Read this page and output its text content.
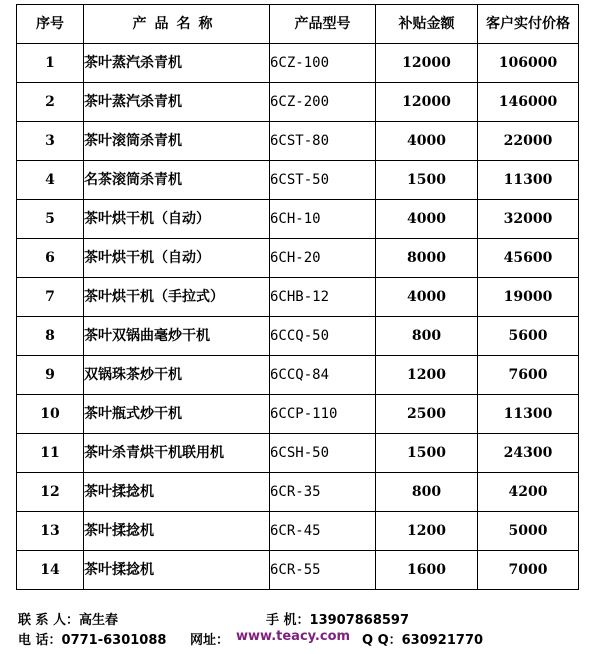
序号	产品名称	产品型号	补贴金额	客户实付价格
1	茶叶蒸汽杀青机	6CZ-100	12000	106000
2	茶叶蒸汽杀青机	6CZ-200	12000	146000
3	茶叶滚筒杀青机	6CST-80	4000	22000
4	名茶滚筒杀青机	6CST-50	1500	11300
5	茶叶烘干机（自动）	6CH-10	4000	32000
6	茶叶烘干机（自动）	6CH-20	8000	45600
7	茶叶烘干机（手拉式）	6CHB-12	4000	19000
8	茶叶双锅曲毫炒干机	6CCQ-50	800	5600
9	双锅珠茶炒干机	6CCQ-84	1200	7600
10	茶叶瓶式炒干机	6CCP-110	2500	11300
11	茶叶杀青烘干机联用机	6CSH-50	1500	24300
12	茶叶揉捻机	6CR-35	800	4200
13	茶叶揉捻机	6CR-45	1200	5000
14	茶叶揉捻机	6CR-55	1600	7000
联 系 人：高生春	手 机：13907868597
电 话：0771-6301088 网址： www.teacy.com Q Q：630921770
